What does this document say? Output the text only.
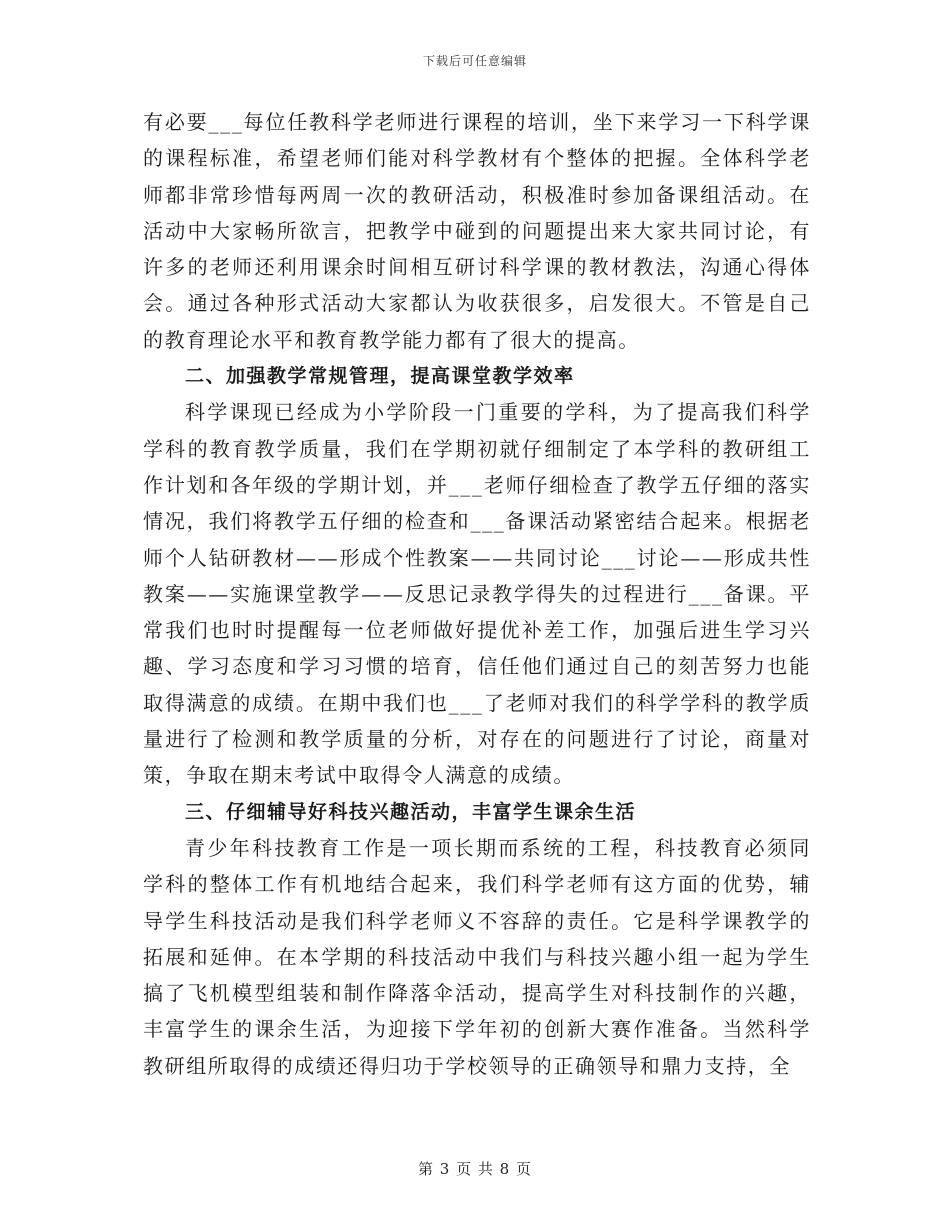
下载后可任意编辑

有必要___每位任教科学老师进行课程的培训，坐下来学习一下科学课的课程标准，希望老师们能对科学教材有个整体的把握。全体科学老师都非常珍惜每两周一次的教研活动，积极准时参加备课组活动。在活动中大家畅所欲言，把教学中碰到的问题提出来大家共同讨论，有许多的老师还利用课余时间相互研讨科学课的教材教法，沟通心得体会。通过各种形式活动大家都认为收获很多，启发很大。不管是自己的教育理论水平和教育教学能力都有了很大的提高。

二、加强教学常规管理，提高课堂教学效率

科学课现已经成为小学阶段一门重要的学科，为了提高我们科学学科的教育教学质量，我们在学期初就仔细制定了本学科的教研组工作计划和各年级的学期计划，并___老师仔细检查了教学五仔细的落实情况，我们将教学五仔细的检查和___备课活动紧密结合起来。根据老师个人钻研教材——形成个性教案——共同讨论___讨论——形成共性教案——实施课堂教学——反思记录教学得失的过程进行___备课。平常我们也时时提醒每一位老师做好提优补差工作，加强后进生学习兴趣、学习态度和学习习惯的培育，信任他们通过自己的刻苦努力也能取得满意的成绩。在期中我们也___了老师对我们的科学学科的教学质量进行了检测和教学质量的分析，对存在的问题进行了讨论，商量对策，争取在期末考试中取得令人满意的成绩。

三、仔细辅导好科技兴趣活动，丰富学生课余生活

青少年科技教育工作是一项长期而系统的工程，科技教育必须同学科的整体工作有机地结合起来，我们科学老师有这方面的优势，辅导学生科技活动是我们科学老师义不容辞的责任。它是科学课教学的拓展和延伸。在本学期的科技活动中我们与科技兴趣小组一起为学生搞了飞机模型组装和制作降落伞活动，提高学生对科技制作的兴趣，丰富学生的课余生活，为迎接下学年初的创新大赛作准备。当然科学教研组所取得的成绩还得归功于学校领导的正确领导和鼎力支持，全

第 3 页 共 8 页
